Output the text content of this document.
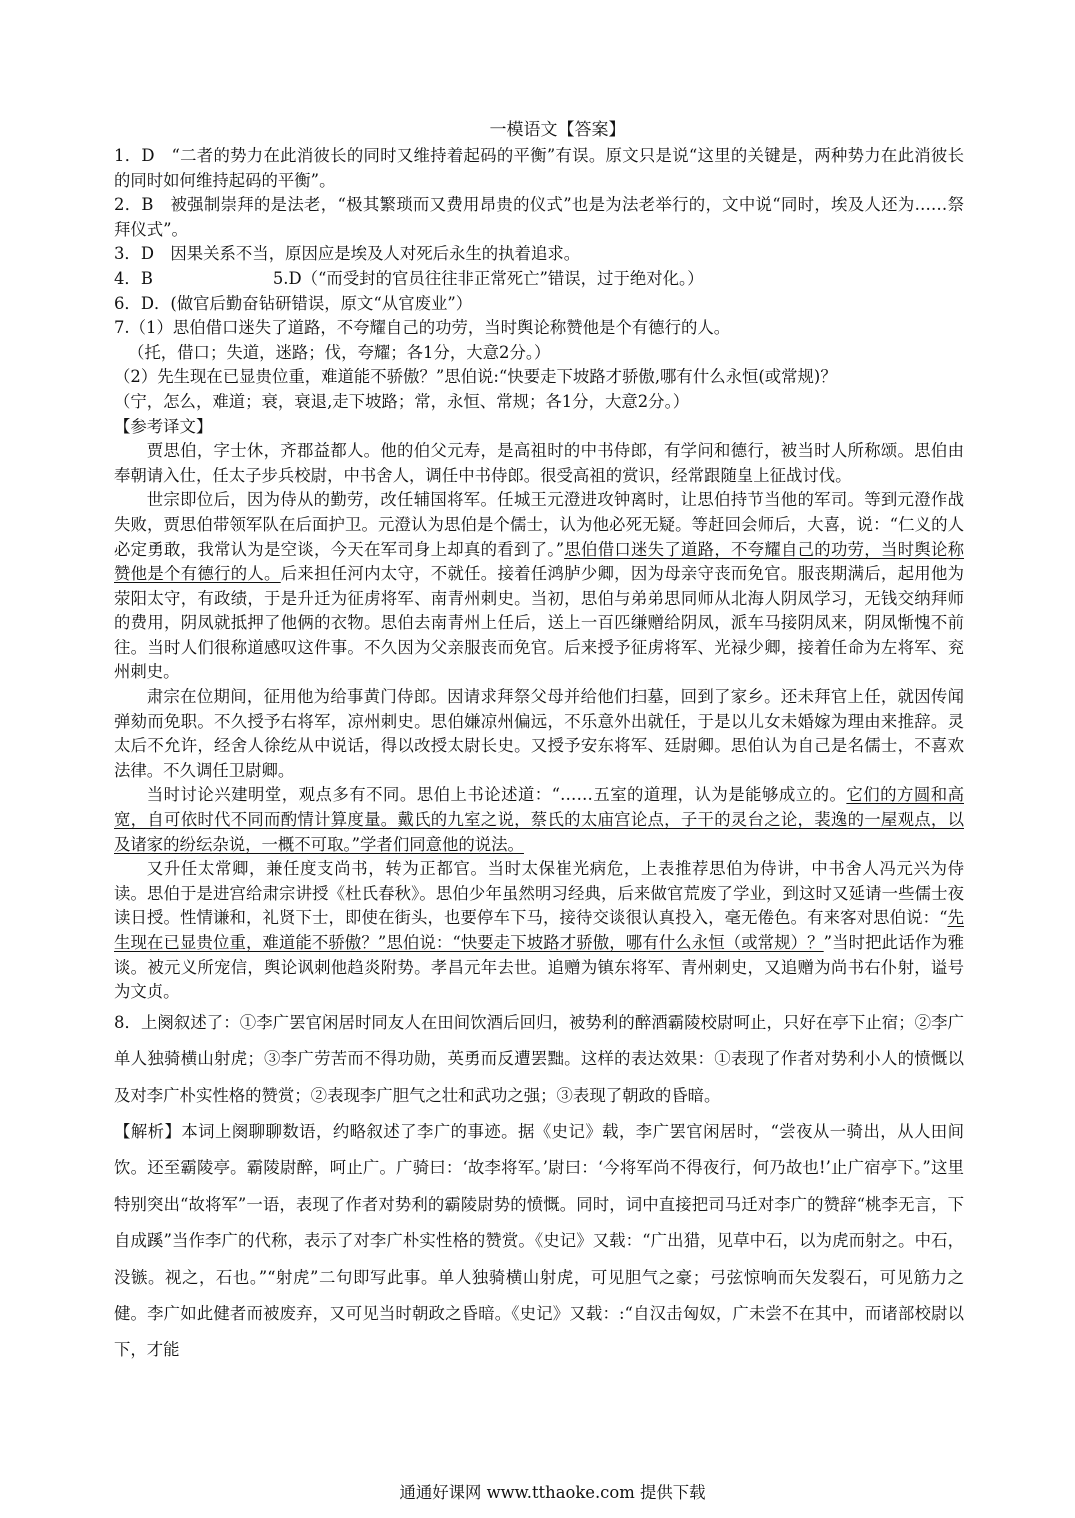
一模语文【答案】

1．D　“二者的势力在此消彼长的同时又维持着起码的平衡”有误。原文只是说“这里的关键是，两种势力在此消彼长的同时如何维持起码的平衡”。

2．B　被强制崇拜的是法老，“极其繁琐而又费用昂贵的仪式”也是为法老举行的，文中说“同时，埃及人还为……祭拜仪式”。

3．D　因果关系不当，原因应是埃及人对死后永生的执着追求。

4．B	5.D（“而受封的官员往往非正常死亡”错误，过于绝对化。）

6．D．(做官后勤奋钻研错误，原文“从官废业”）

7.（1）思伯借口迷失了道路，不夸耀自己的功劳，当时舆论称赞他是个有德行的人。

（托，借口；失道，迷路；伐，夸耀；各1分，大意2分。）

（2）先生现在已显贵位重，难道能不骄傲？”思伯说:“快要走下坡路才骄傲,哪有什么永恒(或常规)？

（宁，怎么，难道；衰，衰退,走下坡路；常，永恒、常规；各1分，大意2分。）

【参考译文】

贾思伯，字士休，齐郡益都人。他的伯父元寿，是高祖时的中书侍郎，有学问和德行，被当时人所称颂。思伯由奉朝请入仕，任太子步兵校尉，中书舍人，调任中书侍郎。很受高祖的赏识，经常跟随皇上征战讨伐。

世宗即位后，因为侍从的勤劳，改任辅国将军。任城王元澄进攻钟离时，让思伯持节当他的军司。等到元澄作战失败，贾思伯带领军队在后面护卫。元澄认为思伯是个儒士，认为他必死无疑。等赶回会师后，大喜，说：“仁义的人必定勇敢，我常认为是空谈，今天在军司身上却真的看到了。”思伯借口迷失了道路，不夸耀自己的功劳，当时舆论称赞他是个有德行的人。后来担任河内太守，不就任。接着任鸿胪少卿，因为母亲守丧而免官。服丧期满后，起用他为荥阳太守，有政绩，于是升迁为征虏将军、南青州刺史。当初，思伯与弟弟思同师从北海人阴凤学习，无钱交纳拜师的费用，阴凤就抵押了他俩的衣物。思伯去南青州上任后，送上一百匹缣赠给阴凤，派车马接阴凤来，阴凤惭愧不前往。当时人们很称道感叹这件事。不久因为父亲服丧而免官。后来授予征虏将军、光禄少卿，接着任命为左将军、兖州刺史。

肃宗在位期间，征用他为给事黄门侍郎。因请求拜祭父母并给他们扫墓，回到了家乡。还未拜官上任，就因传闻弹劾而免职。不久授予右将军，凉州刺史。思伯嫌凉州偏远，不乐意外出就任，于是以儿女未婚嫁为理由来推辞。灵太后不允许，经舍人徐纥从中说话，得以改授太尉长史。又授予安东将军、廷尉卿。思伯认为自己是名儒士，不喜欢法律。不久调任卫尉卿。

当时讨论兴建明堂，观点多有不同。思伯上书论述道：“……五室的道理，认为是能够成立的。它们的方圆和高宽，自可依时代不同而酌情计算度量。戴氏的九室之说，蔡氏的太庙宫论点，子干的灵台之论，裴逸的一屋观点，以及诸家的纷纭杂说，一概不可取。”学者们同意他的说法。

又升任太常卿，兼任度支尚书，转为正都官。当时太保崔光病危，上表推荐思伯为侍讲，中书舍人冯元兴为侍读。思伯于是进宫给肃宗讲授《杜氏春秋》。思伯少年虽然明习经典，后来做官荒废了学业，到这时又延请一些儒士夜读日授。性情谦和，礼贤下士，即使在街头，也要停车下马，接待交谈很认真投入，毫无倦色。有来客对思伯说：“先生现在已显贵位重，难道能不骄傲？”思伯说：“快要走下坡路才骄傲，哪有什么永恒（或常规）？”当时把此话作为雅谈。被元义所宠信，舆论讽刺他趋炎附势。孝昌元年去世。追赠为镇东将军、青州刺史，又追赠为尚书右仆射，谥号为文贞。

8．上阕叙述了：①李广罢官闲居时同友人在田间饮酒后回归，被势利的醉酒霸陵校尉呵止，只好在亭下止宿；②李广单人独骑横山射虎；③李广劳苦而不得功勋，英勇而反遭罢黜。这样的表达效果：①表现了作者对势利小人的愤慨以及对李广朴实性格的赞赏；②表现李广胆气之壮和武功之强；③表现了朝政的昏暗。

【解析】本词上阕聊聊数语，约略叙述了李广的事迹。据《史记》载，李广罢官闲居时，“尝夜从一骑出，从人田间饮。还至霸陵亭。霸陵尉醉，呵止广。广骑曰：‘故李将军。’尉曰：‘今将军尚不得夜行，何乃故也!’止广宿亭下。”这里特别突出“故将军”一语，表现了作者对势利的霸陵尉势的愤慨。同时，词中直接把司马迁对李广的赞辞“桃李无言，下自成蹊”当作李广的代称，表示了对李广朴实性格的赞赏。《史记》又载：“广出猎，见草中石，以为虎而射之。中石，没镞。视之，石也。”“射虎”二句即写此事。单人独骑横山射虎，可见胆气之豪；弓弦惊响而矢发裂石，可见筋力之健。李广如此健者而被废弃，又可见当时朝政之昏暗。《史记》又载：:“自汉击匈奴，广未尝不在其中，而诸部校尉以下，才能

通通好课网 www.tthaoke.com 提供下载
